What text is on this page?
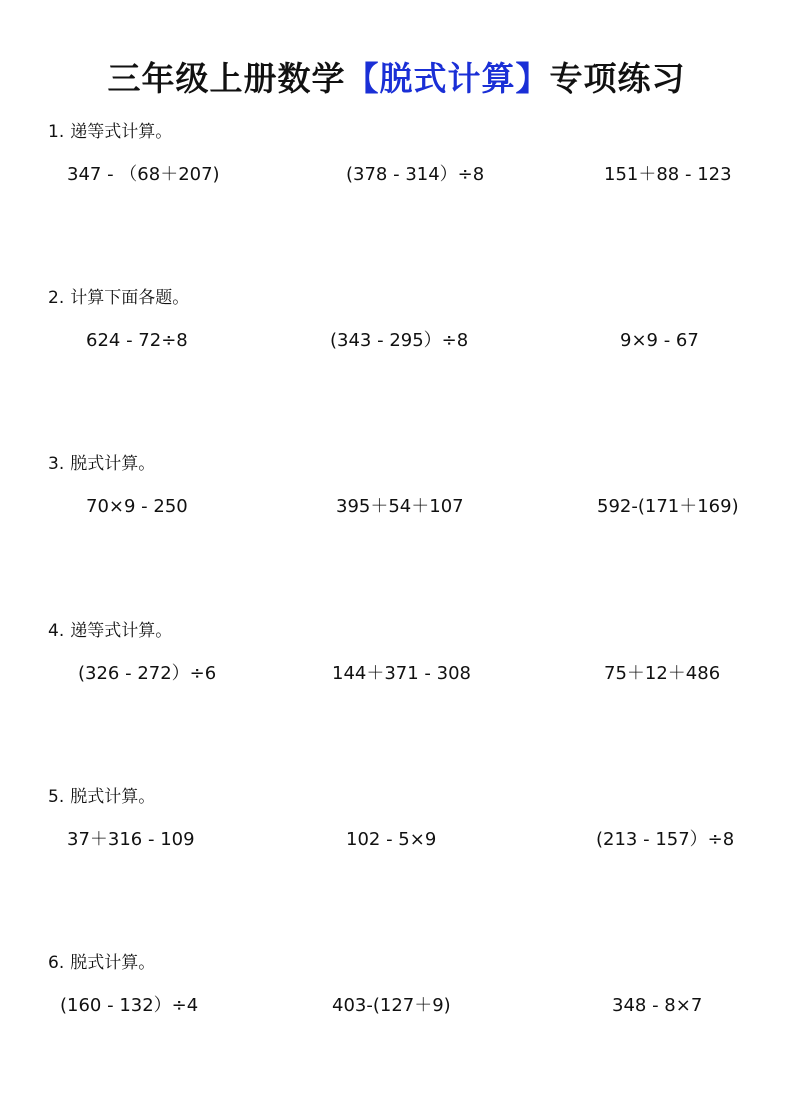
三年级上册数学【脱式计算】专项练习
1. 递等式计算。
347 - （68＋207)	(378 - 314）÷8	151＋88 - 123
2. 计算下面各题。
624 - 72÷8	(343 - 295）÷8	9×9 - 67
3. 脱式计算。
70×9 - 250	395＋54＋107	592-(171＋169)
4. 递等式计算。
(326 - 272）÷6	144＋371 - 308	75＋12＋486
5. 脱式计算。
37＋316 - 109	102 - 5×9	(213 - 157）÷8
6. 脱式计算。
(160 - 132）÷4	403-(127＋9)	348 - 8×7
